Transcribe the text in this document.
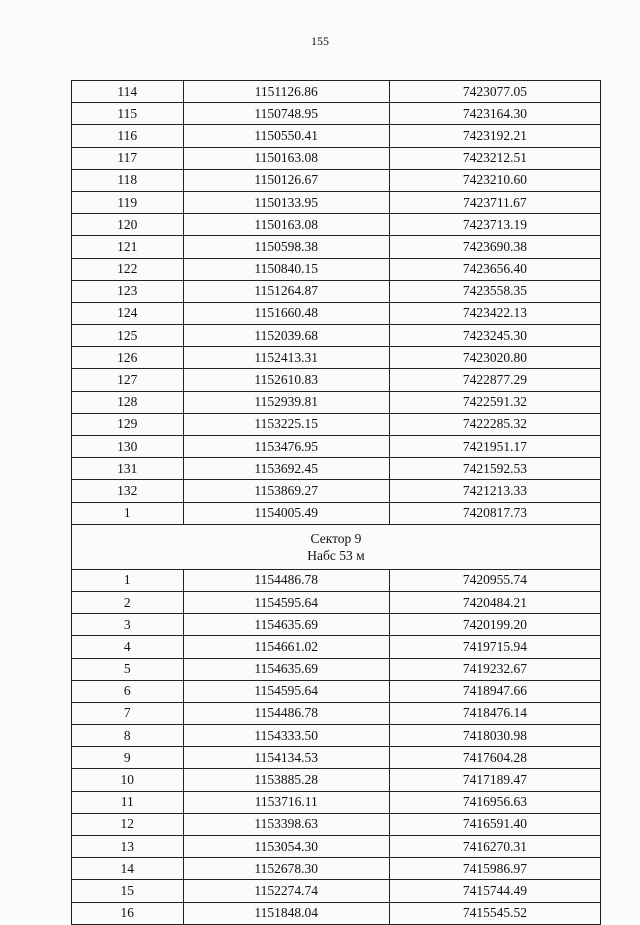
155
114	1151126.86	7423077.05
115	1150748.95	7423164.30
116	1150550.41	7423192.21
117	1150163.08	7423212.51
118	1150126.67	7423210.60
119	1150133.95	7423711.67
120	1150163.08	7423713.19
121	1150598.38	7423690.38
122	1150840.15	7423656.40
123	1151264.87	7423558.35
124	1151660.48	7423422.13
125	1152039.68	7423245.30
126	1152413.31	7423020.80
127	1152610.83	7422877.29
128	1152939.81	7422591.32
129	1153225.15	7422285.32
130	1153476.95	7421951.17
131	1153692.45	7421592.53
132	1153869.27	7421213.33
1	1154005.49	7420817.73

Сектор 9
Набс 53 м		

1	1154486.78	7420955.74
2	1154595.64	7420484.21
3	1154635.69	7420199.20
4	1154661.02	7419715.94
5	1154635.69	7419232.67
6	1154595.64	7418947.66
7	1154486.78	7418476.14
8	1154333.50	7418030.98
9	1154134.53	7417604.28
10	1153885.28	7417189.47
11	1153716.11	7416956.63
12	1153398.63	7416591.40
13	1153054.30	7416270.31
14	1152678.30	7415986.97
15	1152274.74	7415744.49
16	1151848.04	7415545.52
